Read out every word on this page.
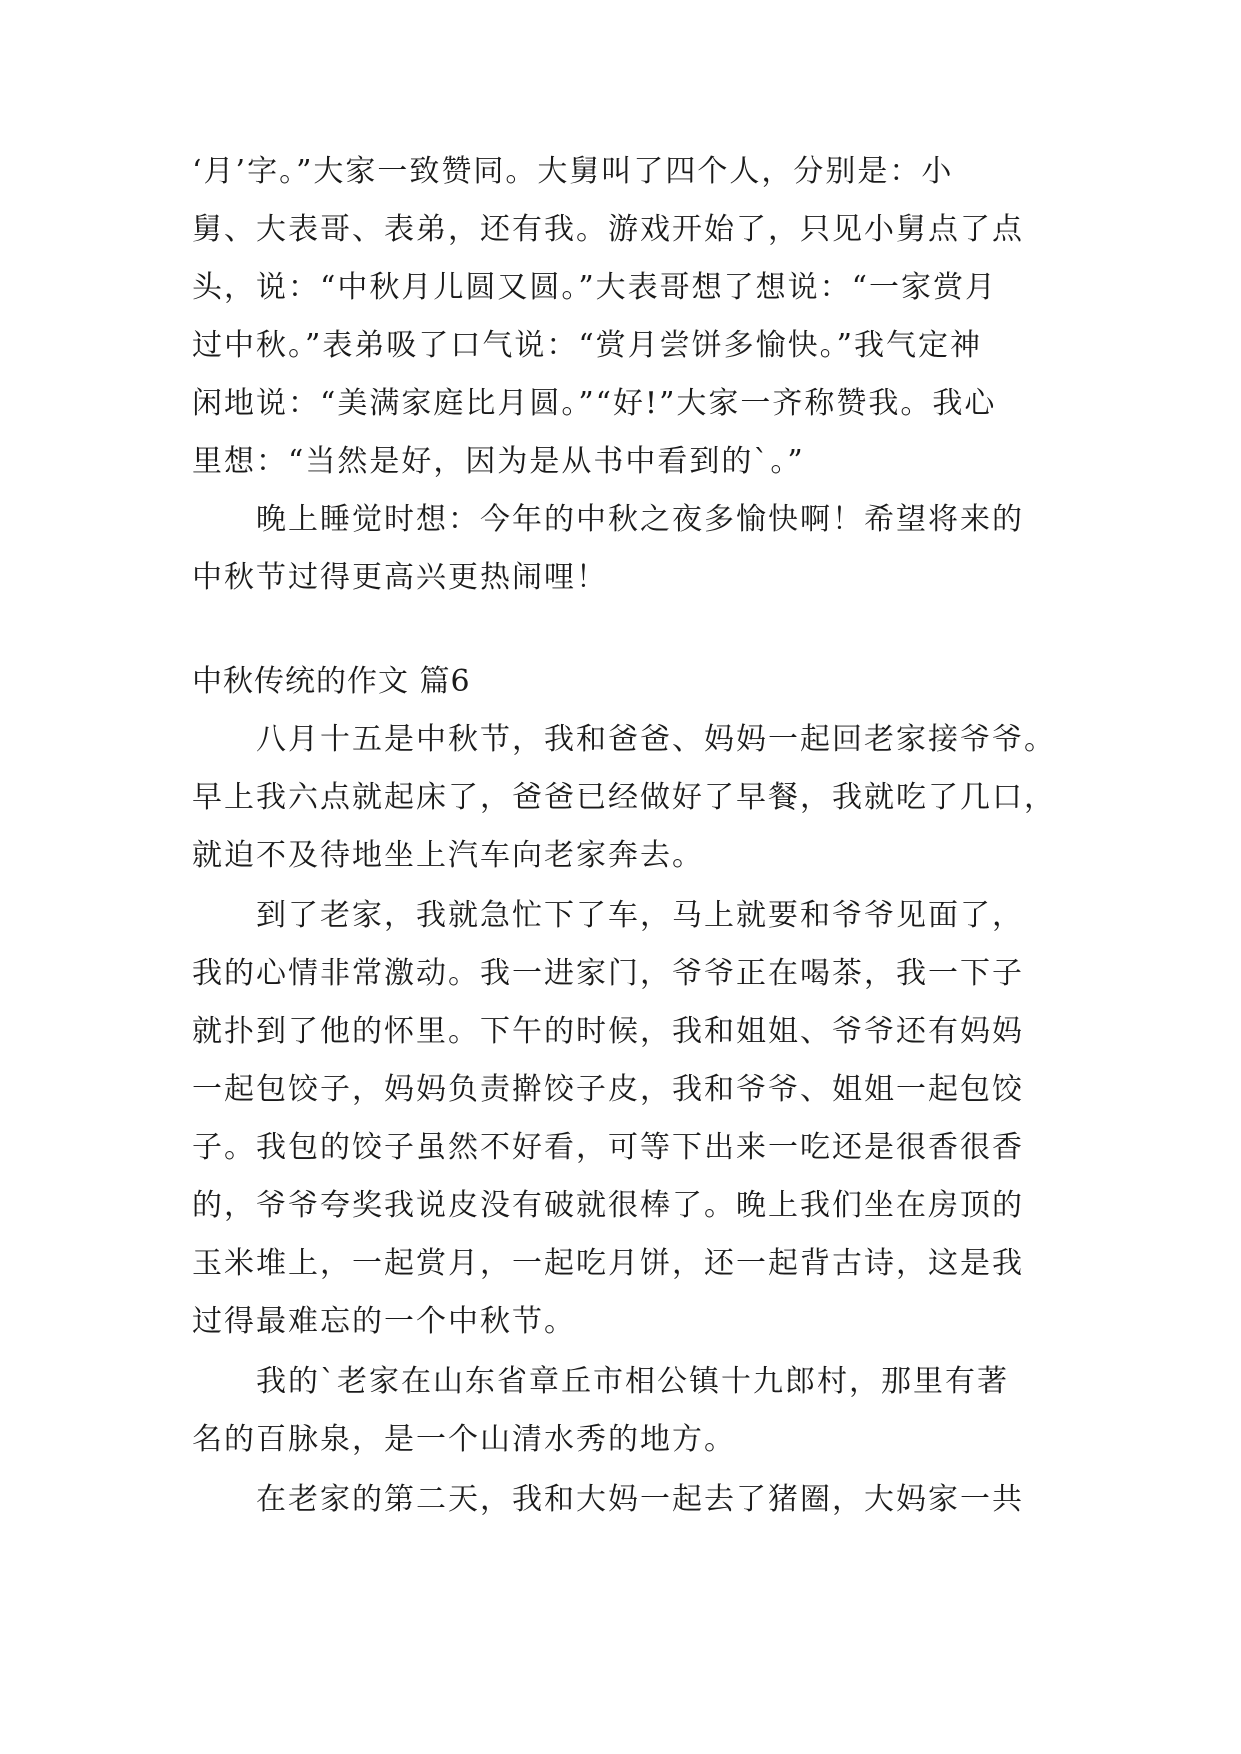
‘月’字。”大家一致赞同。大舅叫了四个人，分别是：小
舅、大表哥、表弟，还有我。游戏开始了，只见小舅点了点
头，说：“中秋月儿圆又圆。”大表哥想了想说：“一家赏月
过中秋。”表弟吸了口气说：“赏月尝饼多愉快。”我气定神
闲地说：“美满家庭比月圆。”“好!”大家一齐称赞我。我心
里想：“当然是好，因为是从书中看到的`。”
晚上睡觉时想：今年的中秋之夜多愉快啊！希望将来的
中秋节过得更高兴更热闹哩！
中秋传统的作文 篇6
八月十五是中秋节，我和爸爸、妈妈一起回老家接爷爷。
早上我六点就起床了，爸爸已经做好了早餐，我就吃了几口，
就迫不及待地坐上汽车向老家奔去。
到了老家，我就急忙下了车，马上就要和爷爷见面了，
我的心情非常激动。我一进家门，爷爷正在喝茶，我一下子
就扑到了他的怀里。下午的时候，我和姐姐、爷爷还有妈妈
一起包饺子，妈妈负责擀饺子皮，我和爷爷、姐姐一起包饺
子。我包的饺子虽然不好看，可等下出来一吃还是很香很香
的，爷爷夸奖我说皮没有破就很棒了。晚上我们坐在房顶的
玉米堆上，一起赏月，一起吃月饼，还一起背古诗，这是我
过得最难忘的一个中秋节。
我的`老家在山东省章丘市相公镇十九郎村，那里有著
名的百脉泉，是一个山清水秀的地方。
在老家的第二天，我和大妈一起去了猪圈，大妈家一共
